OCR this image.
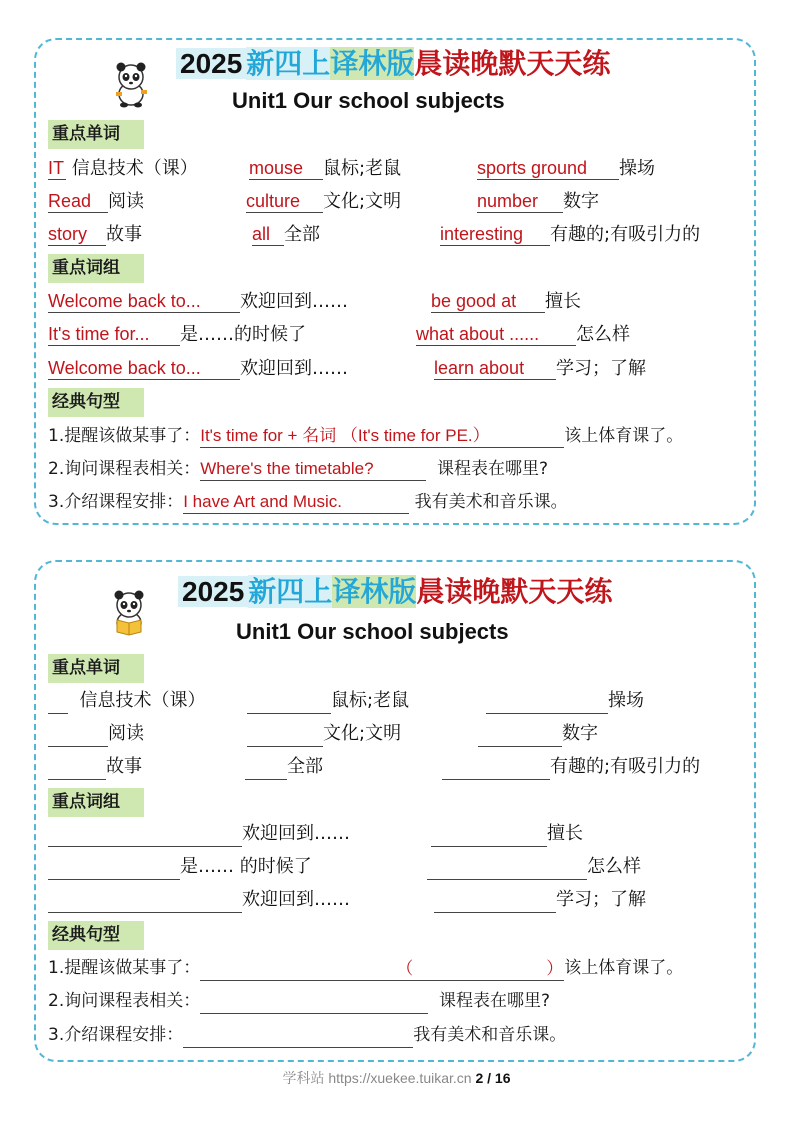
2025 新四上译林版晨读晚默天天练
Unit1 Our school subjects
重点单词
IT 信息技术（课）	mouse 鼠标;老鼠	sports ground 操场
Read 阅读	culture 文化;文明	number 数字
story 故事	all 全部	interesting 有趣的;有吸引力的
重点词组
Welcome back to... 欢迎回到……	be good at 擅长
It's time for... 是……的时候了	what about ...... 怎么样
Welcome back to... 欢迎回到……	learn about 学习；了解
经典句型
1.提醒该做某事了：It's time for + 名词 （It's time for PE.）	该上体育课了。
2.询问课程表相关：Where's the timetable?	课程表在哪里?
3.介绍课程安排：I have Art and Music.	我有美术和音乐课。
2025 新四上译林版晨读晚默天天练
Unit1 Our school subjects
重点单词
信息技术（课）	鼠标;老鼠	操场
阅读	文化;文明	数字
故事	全部	有趣的;有吸引力的
重点词组
欢迎回到……	擅长
是…… 的时候了	怎么样
欢迎回到……	学习；了解
经典句型
1.提醒该做某事了：	（	） 该上体育课了。
2.询问课程表相关：	课程表在哪里?
3.介绍课程安排：	我有美术和音乐课。
学科站 https://xuekee.tuikar.cn 2 / 16
